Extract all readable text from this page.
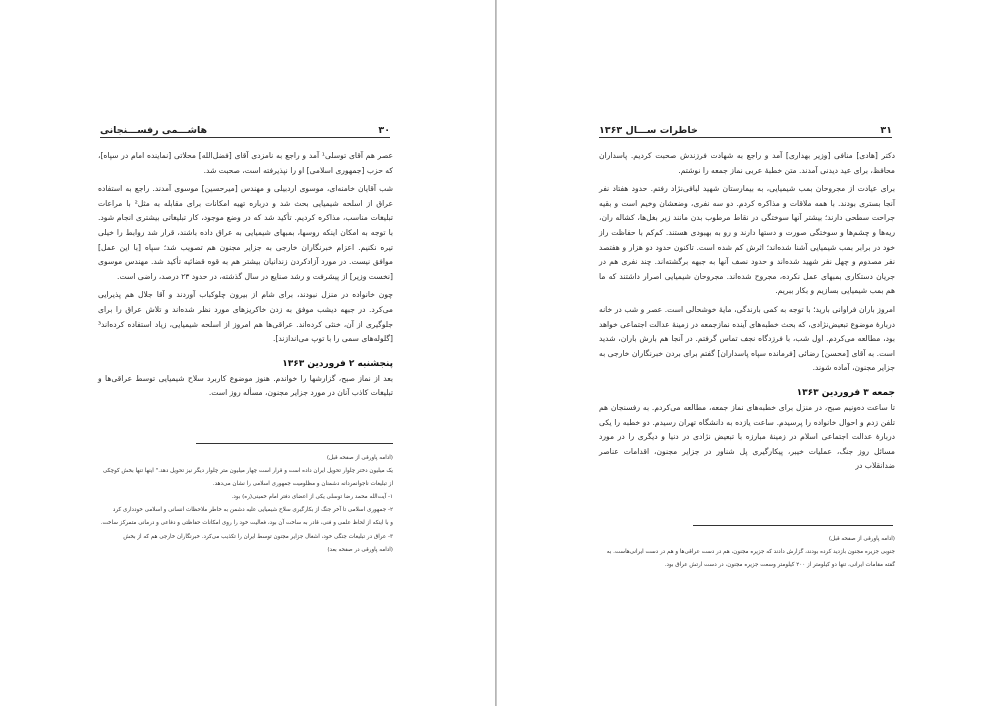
۳۰
هاشـــمی رفســـنجانی

عصر هم آقای توسلی¹ آمد و راجع به نامزدی آقای [فضل‌الله] محلاتی [نماینده امام در سپاه]، که حزب [جمهوری اسلامی] او را نپذیرفته است، صحبت شد.

شب آقایان خامنه‌ای، موسوی اردبیلی و مهندس [میرحسین] موسوی آمدند. راجع به استفاده عراق از اسلحه شیمیایی بحث شد و درباره تهیه امکانات برای مقابله به مثل² با مراعات تبلیغات مناسب، مذاکره کردیم. تأکید شد که در وضع موجود، کار تبلیغاتی بیشتری انجام شود. با توجه به امکان اینکه روسها، بمبهای شیمیایی به عراق داده باشند، قرار شد روابط را خیلی تیره نکنیم. اعزام خبرنگاران خارجی به جزایر مجنون هم تصویب شد؛ سپاه [با این عمل] موافق نیست. در مورد آزادکردن زندانیان بیشتر هم به قوه قضائیه تأکید شد. مهندس موسوی [نخست وزیر] از پیشرفت و رشد صنایع در سال گذشته، در حدود ۲۳ درصد، راضی است.

چون خانواده در منزل نبودند، برای شام از بیرون چلوکباب آوردند و آقا جلال هم پذیرایی می‌کرد. در جبهه دیشب موفق به زدن خاکریزهای مورد نظر شده‌اند و تلاش عراق را برای جلوگیری از آن، خنثی کرده‌اند. عراقی‌ها هم امروز از اسلحه شیمیایی، زیاد استفاده کرده‌اند³ [گلوله‌های سمی را با توپ می‌اندازند].

پنجشنبه ۲ فروردین ۱۳۶۳

بعد از نماز صبح، گزارشها را خواندم. هنوز موضوع کاربرد سلاح شیمیایی توسط عراقی‌ها و تبلیغات کاذب آنان در مورد جزایر مجنون، مسأله روز است.

(ادامه پاورقی از صفحه قبل)
یک میلیون دختر چلوار تحویل ایران داده است و قرار است چهار میلیون متر چلوار دیگر نیز تحویل دهد." اینها تنها بخش کوچکی
از تبلیغات ناجوانمردانه دشمنان و مظلومیت جمهوری اسلامی را نشان می‌دهد.
۱- آیت‌الله محمد رضا توسلی یکی از اعضای دفتر امام خمینی(ره) بود.
۲- جمهوری اسلامی تا آخر جنگ از بکارگیری سلاح شیمیایی علیه دشمن به خاطر ملاحظات انسانی و اسلامی خودداری کرد
و با اینکه از لحاظ علمی و فنی، قادر به ساخت آن بود، فعالیت خود را روی امکانات حفاظتی و دفاعی و درمانی متمرکز ساخت.
۳- عراق در تبلیغات جنگی خود، اشغال جزایر مجنون توسط ایران را تکذیب می‌کرد. خبرنگاران خارجی هم که از بخش
(ادامه پاورقی در صفحه بعد)
۳۱
خاطرات ســـال ۱۳۶۳

دکتر [هادی] منافی [وزیر بهداری] آمد و راجع به شهادت فرزندش صحبت کردیم. پاسداران محافظ، برای عید دیدنی آمدند. متن خطبهٔ عربی نماز جمعه را نوشتم.

برای عیادت از مجروحان بمب شیمیایی، به بیمارستان شهید لبافی‌نژاد رفتم. حدود هفتاد نفر آنجا بستری بودند. با همه ملاقات و مذاکره کردم. دو سه نفری، وضعشان وخیم است و بقیه جراحت سطحی دارند؛ بیشتر آنها سوختگی در نقاط مرطوب بدن مانند زیر بغل‌ها، کشاله ران، ریه‌ها و چشم‌ها و سوختگی صورت و دستها دارند و رو به بهبودی هستند. کم‌کم با حفاظت راز خود در برابر بمب شیمیایی آشنا شده‌اند؛ اثرش کم شده است. تاکنون حدود دو هزار و هفتصد نفر مصدوم و چهل نفر شهید شده‌اند و حدود نصف آنها به جبهه برگشته‌اند. چند نفری هم در جریان دستکاری بمبهای عمل نکرده، مجروح شده‌اند. مجروحان شیمیایی اصرار داشتند که ما هم بمب شیمیایی بسازیم و بکار ببریم.

امروز باران فراوانی بارید؛ با توجه به کمی بارندگی، مایهٔ خوشحالی است. عصر و شب در خانه دربارهٔ موضوع تبعیض‌نژادی، که بحث خطبه‌های آینده نمازجمعه در زمینهٔ عدالت اجتماعی خواهد بود، مطالعه می‌کردم. اول شب، با فرزدگاه نجف تماس گرفتم. در آنجا هم بارش باران، شدید است. به آقای [محسن] رضائی [فرمانده سپاه پاسداران] گفتم برای بردن خبرنگاران خارجی به جزایر مجنون، آماده شوند.

جمعه ۳ فروردین ۱۳۶۳

تا ساعت ده‌ونیم صبح، در منزل برای خطبه‌های نماز جمعه، مطالعه می‌کردم. به رفسنجان هم تلفن زدم و احوال خانواده را پرسیدم. ساعت یازده به دانشگاه تهران رسیدم. دو خطبه را یکی دربارهٔ عدالت اجتماعی اسلام در زمینهٔ مبارزه با تبعیض نژادی در دنیا و دیگری را در مورد مسائل روز جنگ، عملیات خیبر، پیکارگیری پل شناور در جزایر مجنون، اقدامات عناصر ضدانقلاب در

(ادامه پاورقی از صفحه قبل)
جنوبی جزیره مجنون بازدید کرده بودند، گزارش دادند که جزیره مجنون، هم در دست عراقی‌ها و هم در دست ایرانی‌هاست. به
گفته مقامات ایرانی، تنها دو کیلومتر از ۲۰۰ کیلومتر وسعت جزیره مجنون، در دست ارتش عراق بود.
